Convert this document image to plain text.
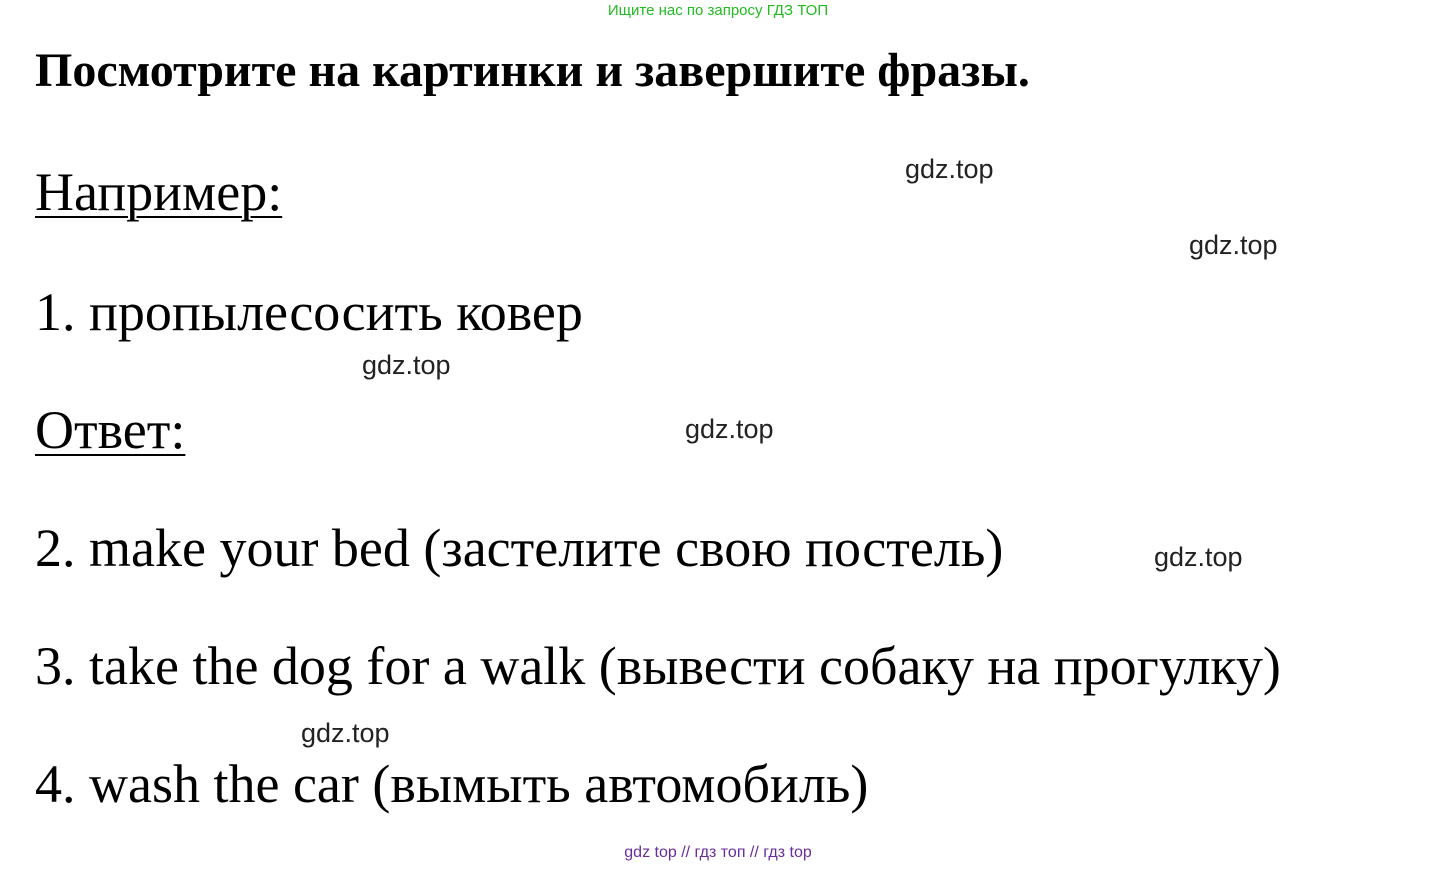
Ищите нас по запросу ГДЗ ТОП
Посмотрите на картинки и завершите фразы.

Например:

1. пропылесосить ковер

Ответ:

2. make your bed (застелите свою постель)

3. take the dog for a walk (вывести собаку на прогулку)

4. wash the car (вымыть автомобиль)

gdz.top
gdz.top
gdz.top
gdz.top
gdz.top
gdz.top
gdz top // гдз топ // гдз top
